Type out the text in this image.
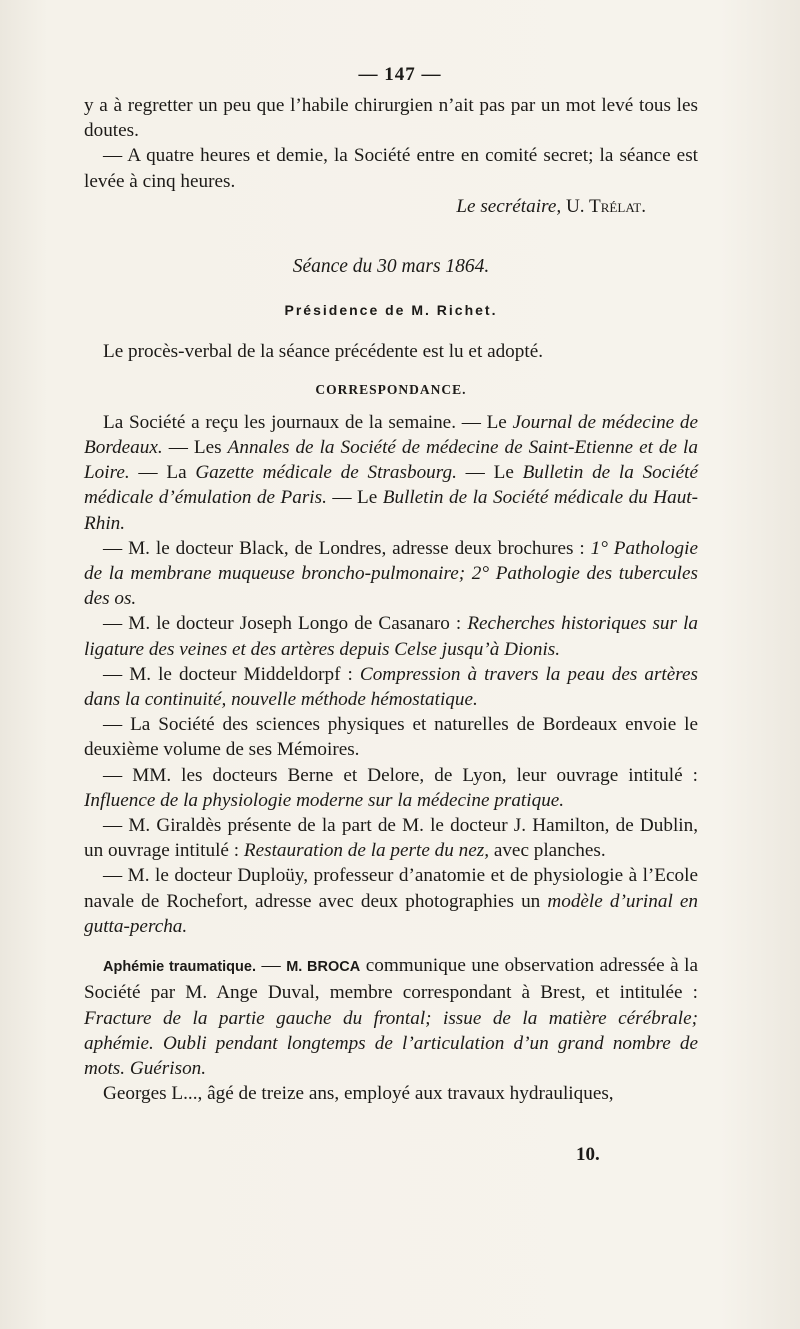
— 147 —

y a à regretter un peu que l’habile chirurgien n’ait pas par un mot levé tous les doutes.

— A quatre heures et demie, la Société entre en comité secret; la séance est levée à cinq heures.

Le secrétaire, U. Trélat.

Séance du 30 mars 1864.

Présidence de M. Richet.

Le procès-verbal de la séance précédente est lu et adopté.

CORRESPONDANCE.

La Société a reçu les journaux de la semaine. — Le Journal de médecine de Bordeaux. — Les Annales de la Société de médecine de Saint-Etienne et de la Loire. — La Gazette médicale de Strasbourg. — Le Bulletin de la Société médicale d’émulation de Paris. — Le Bulletin de la Société médicale du Haut-Rhin.

— M. le docteur Black, de Londres, adresse deux brochures : 1° Pathologie de la membrane muqueuse broncho-pulmonaire; 2° Pathologie des tubercules des os.

— M. le docteur Joseph Longo de Casanaro : Recherches historiques sur la ligature des veines et des artères depuis Celse jusqu’à Dionis.

— M. le docteur Middeldorpf : Compression à travers la peau des artères dans la continuité, nouvelle méthode hémostatique.

— La Société des sciences physiques et naturelles de Bordeaux envoie le deuxième volume de ses Mémoires.

— MM. les docteurs Berne et Delore, de Lyon, leur ouvrage intitulé : Influence de la physiologie moderne sur la médecine pratique.

— M. Giraldès présente de la part de M. le docteur J. Hamilton, de Dublin, un ouvrage intitulé : Restauration de la perte du nez, avec planches.

— M. le docteur Duploüy, professeur d’anatomie et de physiologie à l’Ecole navale de Rochefort, adresse avec deux photographies un modèle d’urinal en gutta-percha.

Aphémie traumatique. — M. BROCA communique une observation adressée à la Société par M. Ange Duval, membre correspondant à Brest, et intitulée : Fracture de la partie gauche du frontal; issue de la matière cérébrale; aphémie. Oubli pendant longtemps de l’articulation d’un grand nombre de mots. Guérison.

Georges L..., âgé de treize ans, employé aux travaux hydrauliques,

10.
